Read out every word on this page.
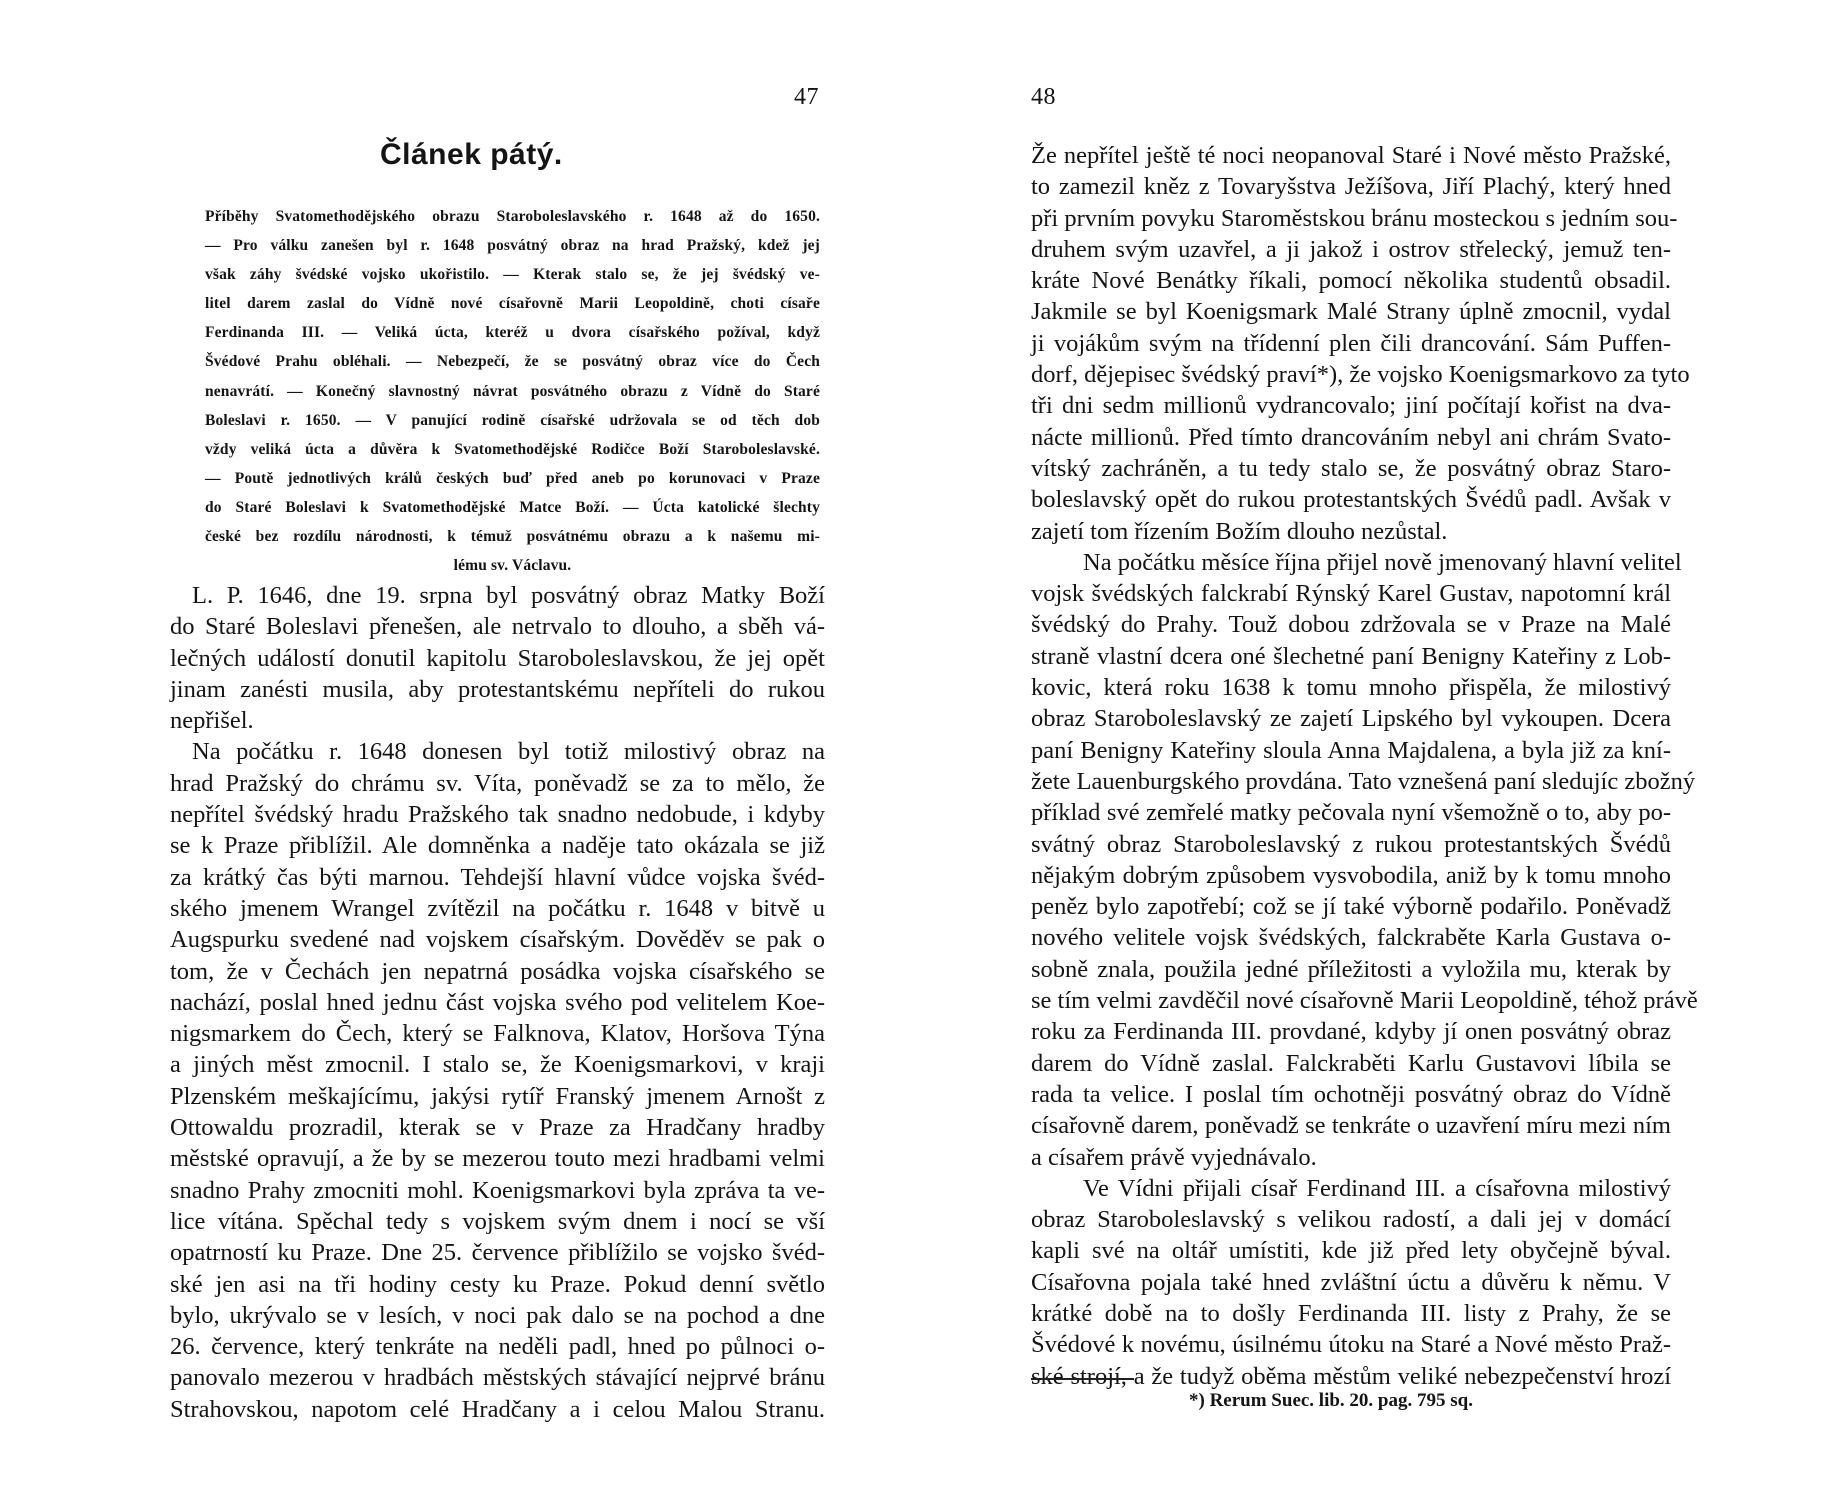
47
Článek pátý.
Příběhy Svatomethodějského obrazu Staroboleslavského r. 1648 až do 1650.
— Pro válku zanešen byl r. 1648 posvátný obraz na hrad Pražský, kdež jej
však záhy švédské vojsko ukořistilo. — Kterak stalo se, že jej švédský ve-
litel darem zaslal do Vídně nové císařovně Marii Leopoldině, choti císaře
Ferdinanda III. — Veliká úcta, kteréž u dvora císařského požíval, když
Švédové Prahu obléhali. — Nebezpečí, že se posvátný obraz více do Čech
nenavrátí. — Konečný slavnostný návrat posvátného obrazu z Vídně do Staré
Boleslavi r. 1650. — V panující rodině císařské udržovala se od těch dob
vždy veliká úcta a důvěra k Svatomethodějské Rodičce Boží Staroboleslavské.
— Poutě jednotlivých králů českých buď před aneb po korunovaci v Praze
do Staré Boleslavi k Svatomethodějské Matce Boží. — Úcta katolické šlechty
české bez rozdílu národnosti, k témuž posvátnému obrazu a k našemu mi-
lému sv. Václavu.
L. P. 1646, dne 19. srpna byl posvátný obraz Matky Boží
do Staré Boleslavi přenešen, ale netrvalo to dlouho, a sběh vá-
lečných událostí donutil kapitolu Staroboleslavskou, že jej opět
jinam zanésti musila, aby protestantskému nepříteli do rukou
nepřišel.
Na počátku r. 1648 donesen byl totiž milostivý obraz na
hrad Pražský do chrámu sv. Víta, poněvadž se za to mělo, že
nepřítel švédský hradu Pražského tak snadno nedobude, i kdyby
se k Praze přiblížil. Ale domněnka a naděje tato okázala se již
za krátký čas býti marnou. Tehdejší hlavní vůdce vojska švéd-
ského jmenem Wrangel zvítězil na počátku r. 1648 v bitvě u
Augspurku svedené nad vojskem císařským. Dověděv se pak o
tom, že v Čechách jen nepatrná posádka vojska císařského se
nachází, poslal hned jednu část vojska svého pod velitelem Koe-
nigsmarkem do Čech, který se Falknova, Klatov, Horšova Týna
a jiných měst zmocnil. I stalo se, že Koenigsmarkovi, v kraji
Plzenském meškajícímu, jakýsi rytíř Franský jmenem Arnošt z
Ottowaldu prozradil, kterak se v Praze za Hradčany hradby
městské opravují, a že by se mezerou touto mezi hradbami velmi
snadno Prahy zmocniti mohl. Koenigsmarkovi byla zpráva ta ve-
lice vítána. Spěchal tedy s vojskem svým dnem i nocí se vší
opatrností ku Praze. Dne 25. července přiblížilo se vojsko švéd-
ské jen asi na tři hodiny cesty ku Praze. Pokud denní světlo
bylo, ukrývalo se v lesích, v noci pak dalo se na pochod a dne
26. července, který tenkráte na neděli padl, hned po půlnoci o-
panovalo mezerou v hradbách městských stávající nejprvé bránu
Strahovskou, napotom celé Hradčany a i celou Malou Stranu.
48
Že nepřítel ještě té noci neopanoval Staré i Nové město Pražské,
to zamezil kněz z Tovaryšstva Ježíšova, Jiří Plachý, který hned
při prvním povyku Staroměstskou bránu mosteckou s jedním sou-
druhem svým uzavřel, a ji jakož i ostrov střelecký, jemuž ten-
kráte Nové Benátky říkali, pomocí několika studentů obsadil.
Jakmile se byl Koenigsmark Malé Strany úplně zmocnil, vydal
ji vojákům svým na třídenní plen čili drancování. Sám Puffen-
dorf, dějepisec švédský praví*), že vojsko Koenigsmarkovo za tyto
tři dni sedm millionů vydrancovalo; jiní počítají kořist na dva-
nácte millionů. Před tímto drancováním nebyl ani chrám Svato-
vítský zachráněn, a tu tedy stalo se, že posvátný obraz Staro-
boleslavský opět do rukou protestantských Švédů padl. Avšak v
zajetí tom řízením Božím dlouho nezůstal.
Na počátku měsíce října přijel nově jmenovaný hlavní velitel
vojsk švédských falckrabí Rýnský Karel Gustav, napotomní král
švédský do Prahy. Touž dobou zdržovala se v Praze na Malé
straně vlastní dcera oné šlechetné paní Benigny Kateřiny z Lob-
kovic, která roku 1638 k tomu mnoho přispěla, že milostivý
obraz Staroboleslavský ze zajetí Lipského byl vykoupen. Dcera
paní Benigny Kateřiny sloula Anna Majdalena, a byla již za kní-
žete Lauenburgského provdána. Tato vznešená paní sledujíc zbožný
příklad své zemřelé matky pečovala nyní všemožně o to, aby po-
svátný obraz Staroboleslavský z rukou protestantských Švédů
nějakým dobrým způsobem vysvobodila, aniž by k tomu mnoho
peněz bylo zapotřebí; což se jí také výborně podařilo. Poněvadž
nového velitele vojsk švédských, falckraběte Karla Gustava o-
sobně znala, použila jedné příležitosti a vyložila mu, kterak by
se tím velmi zavděčil nové císařovně Marii Leopoldině, téhož právě
roku za Ferdinanda III. provdané, kdyby jí onen posvátný obraz
darem do Vídně zaslal. Falckraběti Karlu Gustavovi líbila se
rada ta velice. I poslal tím ochotněji posvátný obraz do Vídně
císařovně darem, poněvadž se tenkráte o uzavření míru mezi ním
a císařem právě vyjednávalo.
Ve Vídni přijali císař Ferdinand III. a císařovna milostivý
obraz Staroboleslavský s velikou radostí, a dali jej v domácí
kapli své na oltář umístiti, kde již před lety obyčejně býval.
Císařovna pojala také hned zvláštní úctu a důvěru k němu. V
krátké době na to došly Ferdinanda III. listy z Prahy, že se
Švédové k novému, úsilnému útoku na Staré a Nové město Praž-
ské strojí, a že tudyž oběma městům veliké nebezpečenství hrozí
*) Rerum Suec. lib. 20. pag. 795 sq.
